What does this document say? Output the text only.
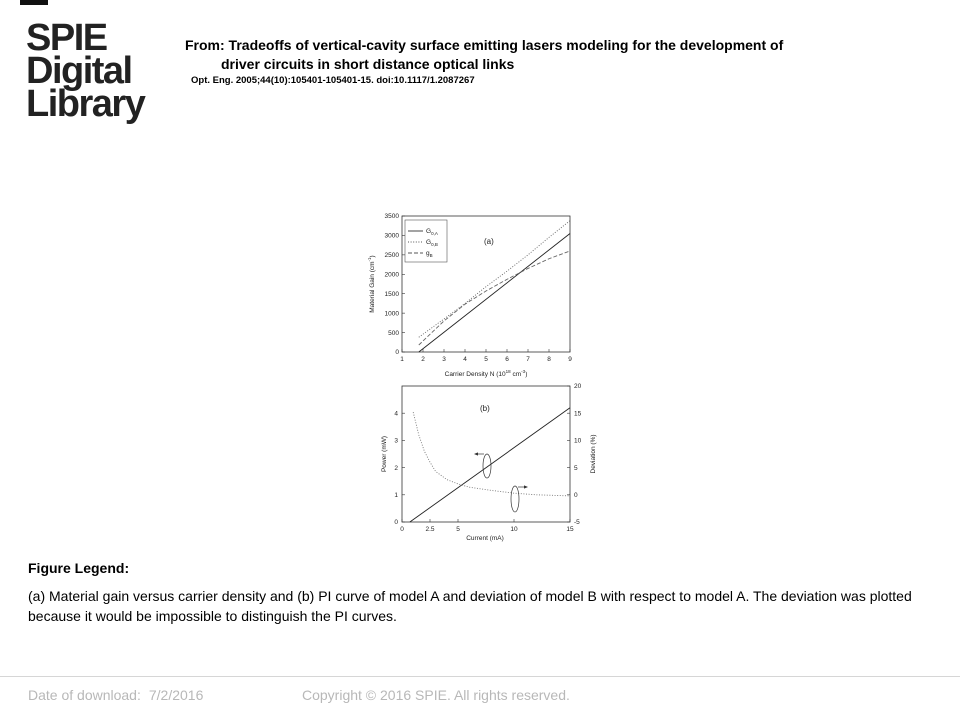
SPIE
Digital
Library
From: Tradeoffs of vertical-cavity surface emitting lasers modeling for the development of
driver circuits in short distance optical links
Opt. Eng. 2005;44(10):105401-105401-15. doi:10.1117/1.2087267
1	2	3	4	5	6	7	8	9
0
500
1000
1500
2000
2500
3000
3500
(a)
$G_{0,A}$
$G_{0,B}$
$g_B$
Carrier Density N ($10^{18}$ $cm^{-3}$)
Material Gain $(cm^{-1})$
0	2.5	5	10	15
0
1
2
3
4
-5
0
5
10
15
20
(b)
Current (mA)
Power (mW)	Deviation (%)
Figure Legend:
(a) Material gain versus carrier density and (b) PI curve of model A and deviation of model B with respect to model A. The deviation was plotted because it would be impossible to distinguish the PI curves.
Date of download: 7/2/2016	Copyright © 2016 SPIE. All rights reserved.
